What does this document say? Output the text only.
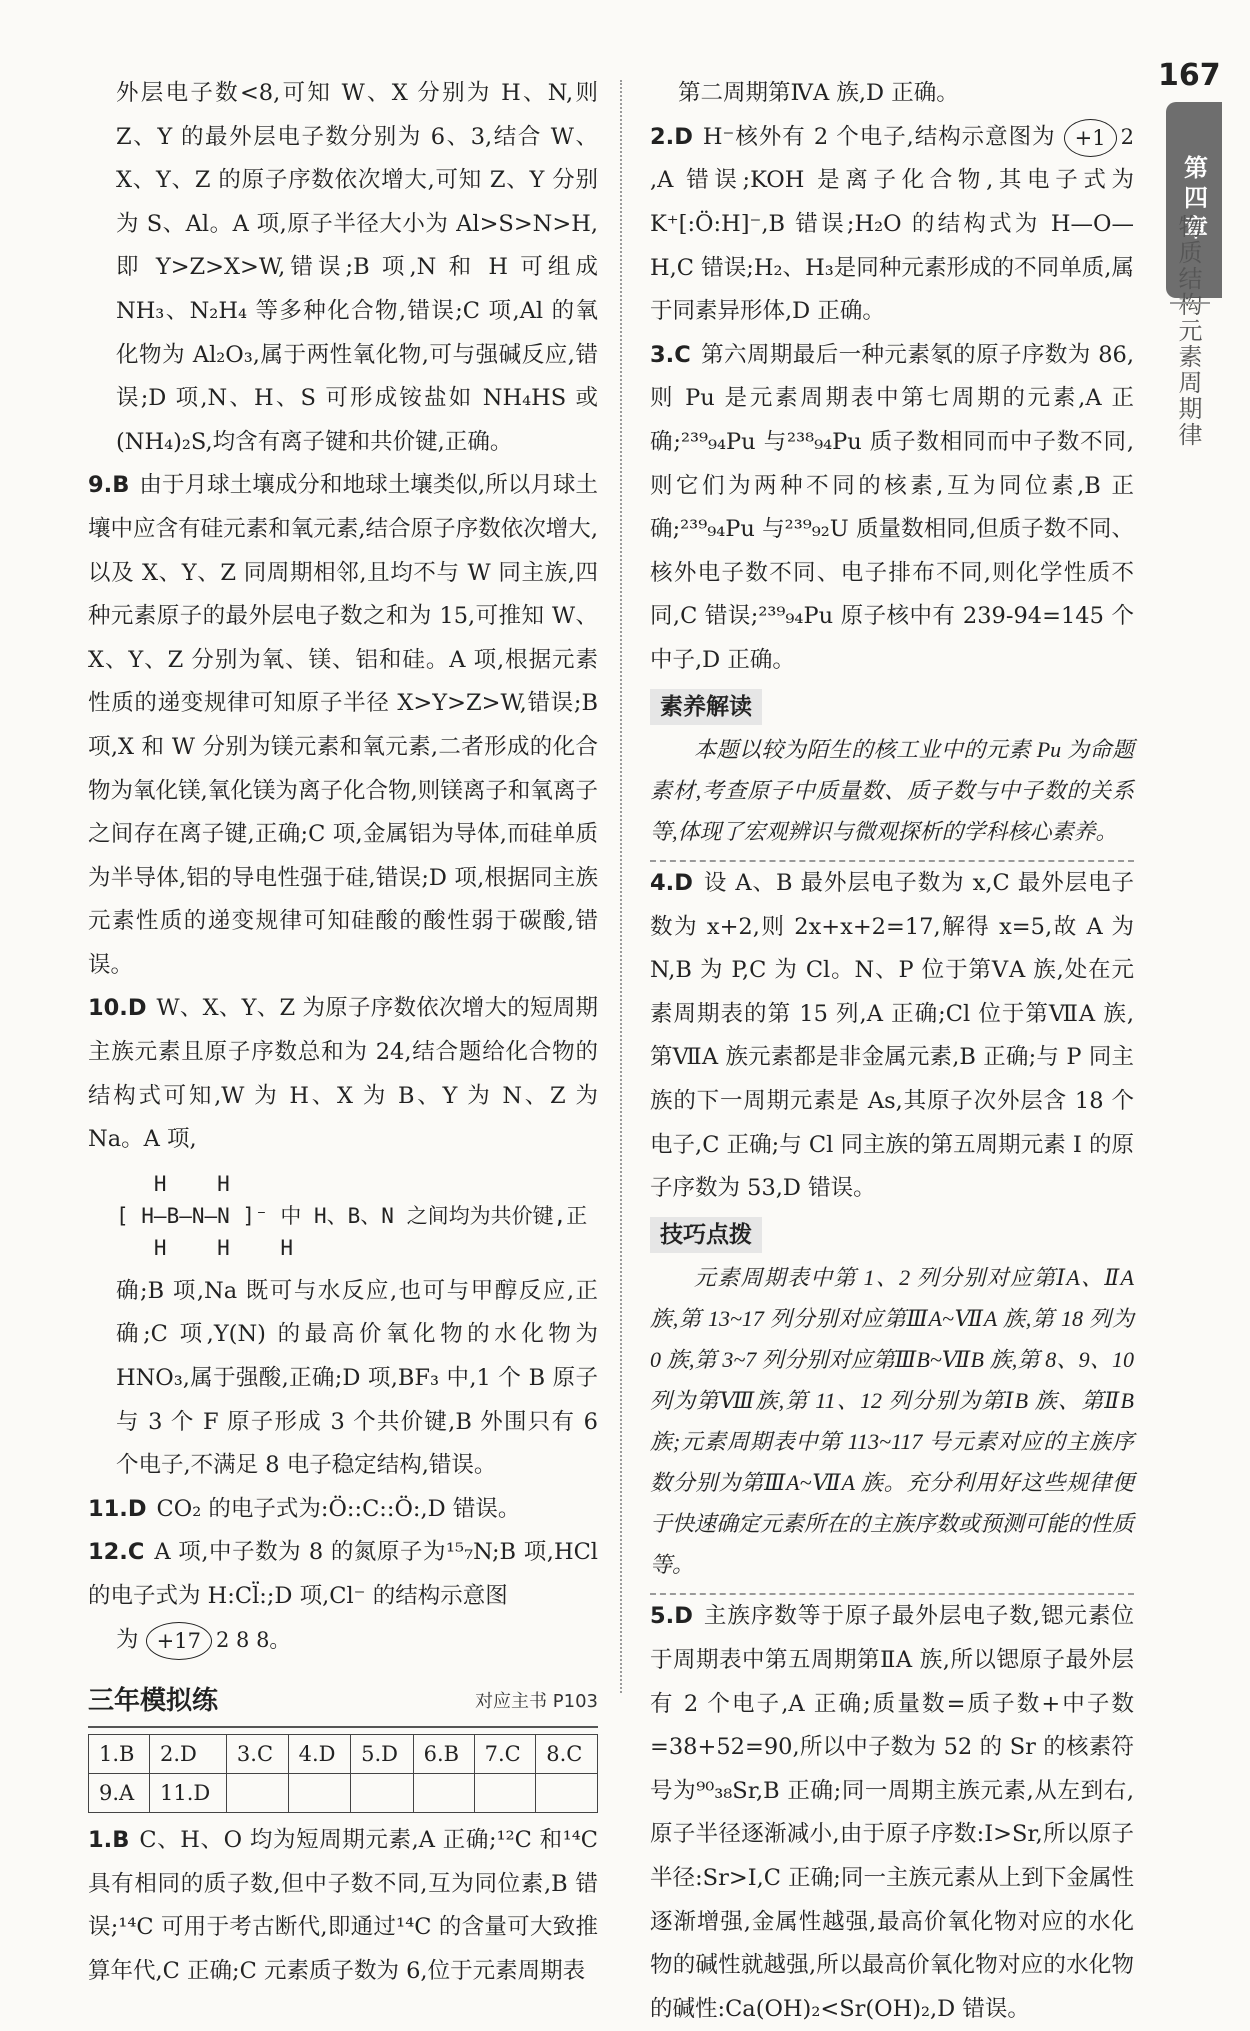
167
第四章
物质结构
元素周期律

外层电子数<8,可知 W、X 分别为 H、N,则 Z、Y 的最外层电子数分别为 6、3,结合 W、X、Y、Z 的原子序数依次增大,可知 Z、Y 分别为 S、Al。A 项,原子半径大小为 Al>S>N>H,即 Y>Z>X>W,错误;B 项,N 和 H 可组成 NH₃、N₂H₄ 等多种化合物,错误;C 项,Al 的氧化物为 Al₂O₃,属于两性氧化物,可与强碱反应,错误;D 项,N、H、S 可形成铵盐如 NH₄HS 或(NH₄)₂S,均含有离子键和共价键,正确。

9.B 由于月球土壤成分和地球土壤类似,所以月球土壤中应含有硅元素和氧元素,结合原子序数依次增大,以及 X、Y、Z 同周期相邻,且均不与 W 同主族,四种元素原子的最外层电子数之和为 15,可推知 W、X、Y、Z 分别为氧、镁、铝和硅。A 项,根据元素性质的递变规律可知原子半径 X>Y>Z>W,错误;B 项,X 和 W 分别为镁元素和氧元素,二者形成的化合物为氧化镁,氧化镁为离子化合物,则镁离子和氧离子之间存在离子键,正确;C 项,金属铝为导体,而硅单质为半导体,铝的导电性强于硅,错误;D 项,根据同主族元素性质的递变规律可知硅酸的酸性弱于碳酸,错误。

10.D W、X、Y、Z 为原子序数依次增大的短周期主族元素且原子序数总和为 24,结合题给化合物的结构式可知,W 为 H、X 为 B、Y 为 N、Z 为 Na。A 项,

H    H
[ H—B—N—N ]⁻ 中 H、B、N 之间均为共价键,正
H    H    H

确;B 项,Na 既可与水反应,也可与甲醇反应,正确;C 项,Y(N) 的最高价氧化物的水化物为 HNO₃,属于强酸,正确;D 项,BF₃ 中,1 个 B 原子与 3 个 F 原子形成 3 个共价键,B 外围只有 6 个电子,不满足 8 电子稳定结构,错误。

11.D CO₂ 的电子式为:Ö::C::Ö:,D 错误。

12.C A 项,中子数为 8 的氮原子为¹⁵₇N;B 项,HCl 的电子式为 H:Cl̈:;D 项,Cl⁻ 的结构示意图

为 +17 2 8 8。

三年模拟练	对应主书 P103
1.B	2.D	3.C	4.D	5.D	6.B	7.C	8.C
9.A	11.D						

1.B C、H、O 均为短周期元素,A 正确;¹²C 和¹⁴C 具有相同的质子数,但中子数不同,互为同位素,B 错误;¹⁴C 可用于考古断代,即通过¹⁴C 的含量可大致推算年代,C 正确;C 元素质子数为 6,位于元素周期表

第二周期第ⅣA 族,D 正确。

2.D H⁻核外有 2 个电子,结构示意图为 +1 2
,A 错误;KOH 是离子化合物,其电子式为 K⁺[:Ö:H]⁻,B 错误;H₂O 的结构式为 H—O—H,C 错误;H₂、H₃是同种元素形成的不同单质,属于同素异形体,D 正确。

3.C 第六周期最后一种元素氡的原子序数为 86,则 Pu 是元素周期表中第七周期的元素,A 正确;²³⁹₉₄Pu 与²³⁸₉₄Pu 质子数相同而中子数不同,则它们为两种不同的核素,互为同位素,B 正确;²³⁹₉₄Pu 与²³⁹₉₂U 质量数相同,但质子数不同、核外电子数不同、电子排布不同,则化学性质不同,C 错误;²³⁹₉₄Pu 原子核中有 239-94=145 个中子,D 正确。

素养解读

本题以较为陌生的核工业中的元素 Pu 为命题素材,考查原子中质量数、质子数与中子数的关系等,体现了宏观辨识与微观探析的学科核心素养。

4.D 设 A、B 最外层电子数为 x,C 最外层电子数为 x+2,则 2x+x+2=17,解得 x=5,故 A 为 N,B 为 P,C 为 Cl。N、P 位于第ⅤA 族,处在元素周期表的第 15 列,A 正确;Cl 位于第ⅦA 族,第ⅦA 族元素都是非金属元素,B 正确;与 P 同主族的下一周期元素是 As,其原子次外层含 18 个电子,C 正确;与 Cl 同主族的第五周期元素 I 的原子序数为 53,D 错误。

技巧点拨

元素周期表中第 1、2 列分别对应第ⅠA、ⅡA 族,第 13~17 列分别对应第ⅢA~ⅦA 族,第 18 列为 0 族,第 3~7 列分别对应第ⅢB~ⅦB 族,第 8、9、10 列为第Ⅷ族,第 11、12 列分别为第ⅠB 族、第ⅡB 族;元素周期表中第 113~117 号元素对应的主族序数分别为第ⅢA~ⅦA 族。充分利用好这些规律便于快速确定元素所在的主族序数或预测可能的性质等。

5.D 主族序数等于原子最外层电子数,锶元素位于周期表中第五周期第ⅡA 族,所以锶原子最外层有 2 个电子,A 正确;质量数=质子数+中子数=38+52=90,所以中子数为 52 的 Sr 的核素符号为⁹⁰₃₈Sr,B 正确;同一周期主族元素,从左到右,原子半径逐渐减小,由于原子序数:I>Sr,所以原子半径:Sr>I,C 正确;同一主族元素从上到下金属性逐渐增强,金属性越强,最高价氧化物对应的水化物的碱性就越强,所以最高价氧化物对应的水化物的碱性:Ca(OH)₂<Sr(OH)₂,D 错误。
